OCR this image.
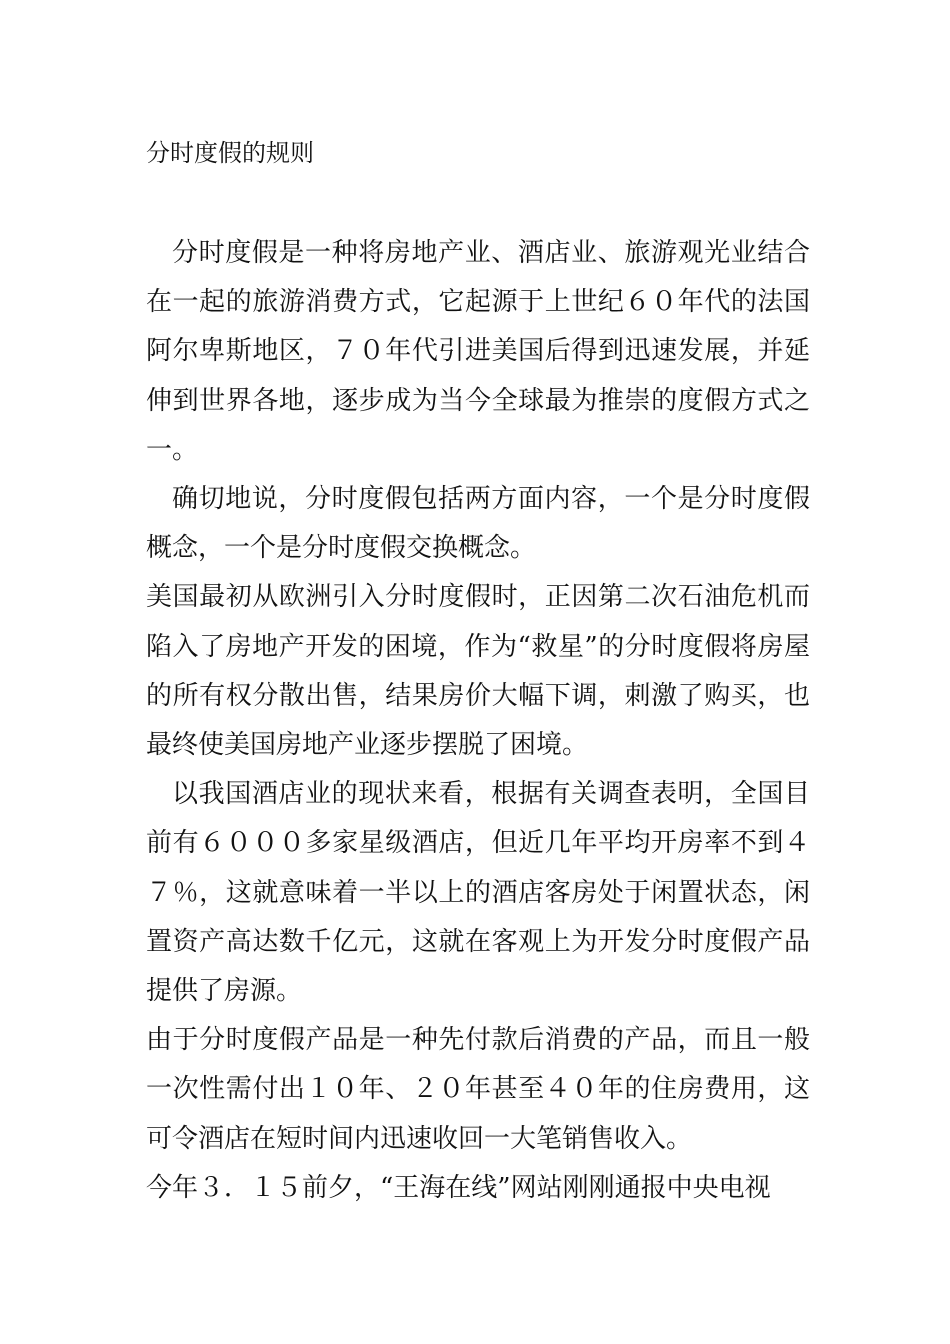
分时度假的规则

分时度假是一种将房地产业、酒店业、旅游观光业结合在一起的旅游消费方式，它起源于上世纪６０年代的法国阿尔卑斯地区，７０年代引进美国后得到迅速发展，并延伸到世界各地，逐步成为当今全球最为推崇的度假方式之一。

确切地说，分时度假包括两方面内容，一个是分时度假概念，一个是分时度假交换概念。

美国最初从欧洲引入分时度假时，正因第二次石油危机而陷入了房地产开发的困境，作为“救星”的分时度假将房屋的所有权分散出售，结果房价大幅下调，刺激了购买，也最终使美国房地产业逐步摆脱了困境。

以我国酒店业的现状来看，根据有关调查表明，全国目前有６０００多家星级酒店，但近几年平均开房率不到４７％，这就意味着一半以上的酒店客房处于闲置状态，闲置资产高达数千亿元，这就在客观上为开发分时度假产品提供了房源。

由于分时度假产品是一种先付款后消费的产品，而且一般一次性需付出１０年、２０年甚至４０年的住房费用，这可令酒店在短时间内迅速收回一大笔销售收入。

今年３．１５前夕，“王海在线”网站刚刚通报中央电视
